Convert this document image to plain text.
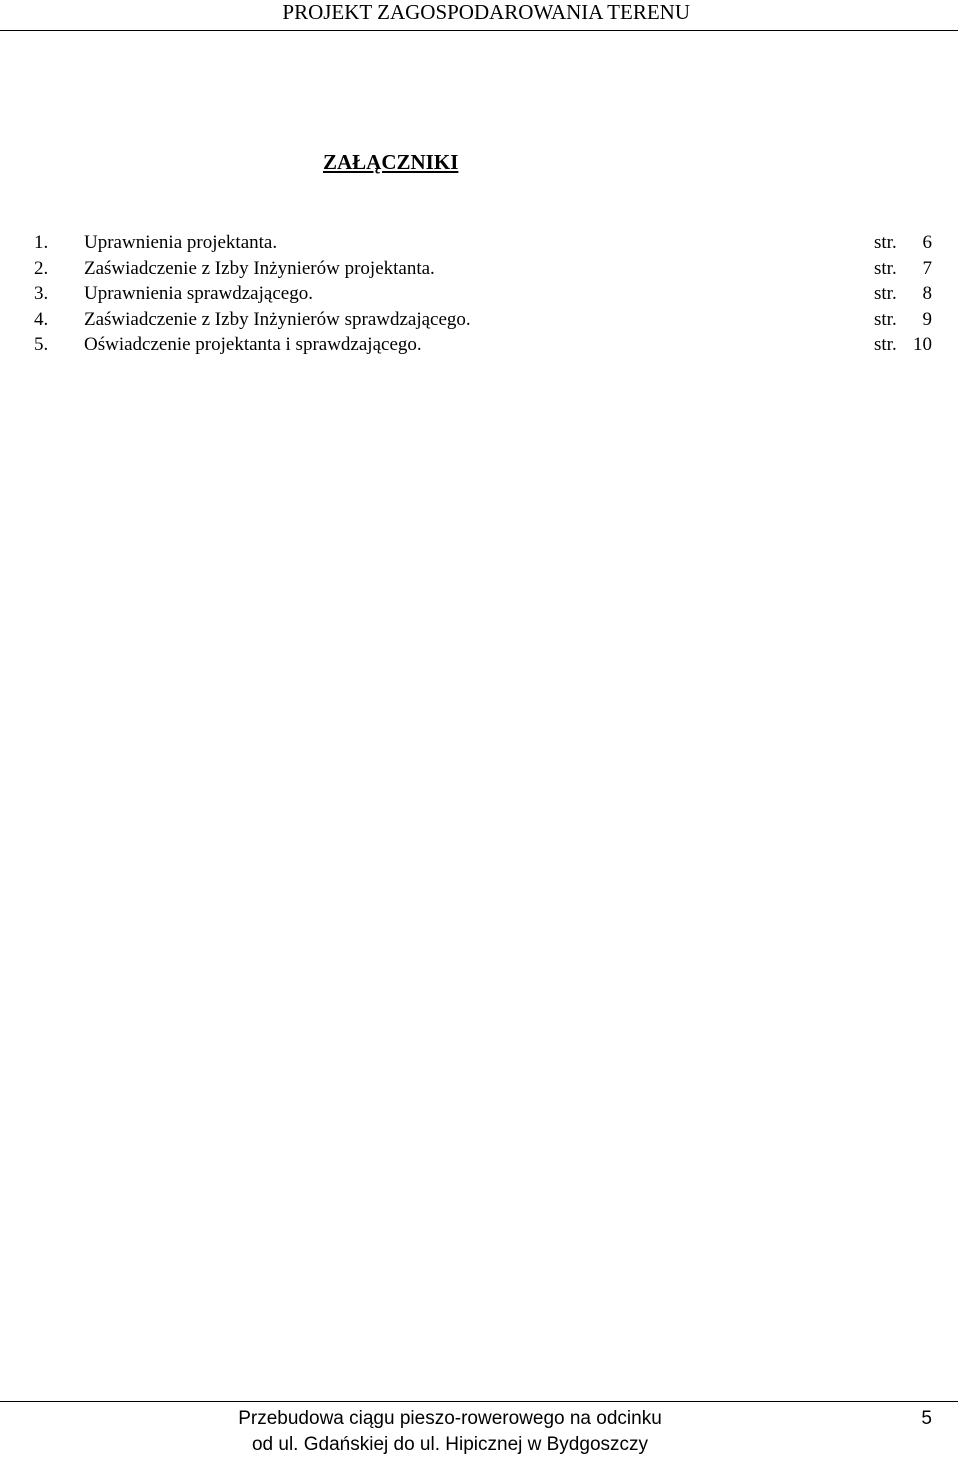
PROJEKT ZAGOSPODAROWANIA TERENU
ZAŁĄCZNIKI
1. Uprawnienia projektanta.	str. 6
2. Zaświadczenie z Izby Inżynierów projektanta.	str. 7
3. Uprawnienia sprawdzającego.	str. 8
4. Zaświadczenie z Izby Inżynierów sprawdzającego.	str. 9
5. Oświadczenie projektanta i sprawdzającego.	str. 10
Przebudowa ciągu pieszo-rowerowego na odcinku
od ul. Gdańskiej do ul. Hipicznej w Bydgoszczy
5
